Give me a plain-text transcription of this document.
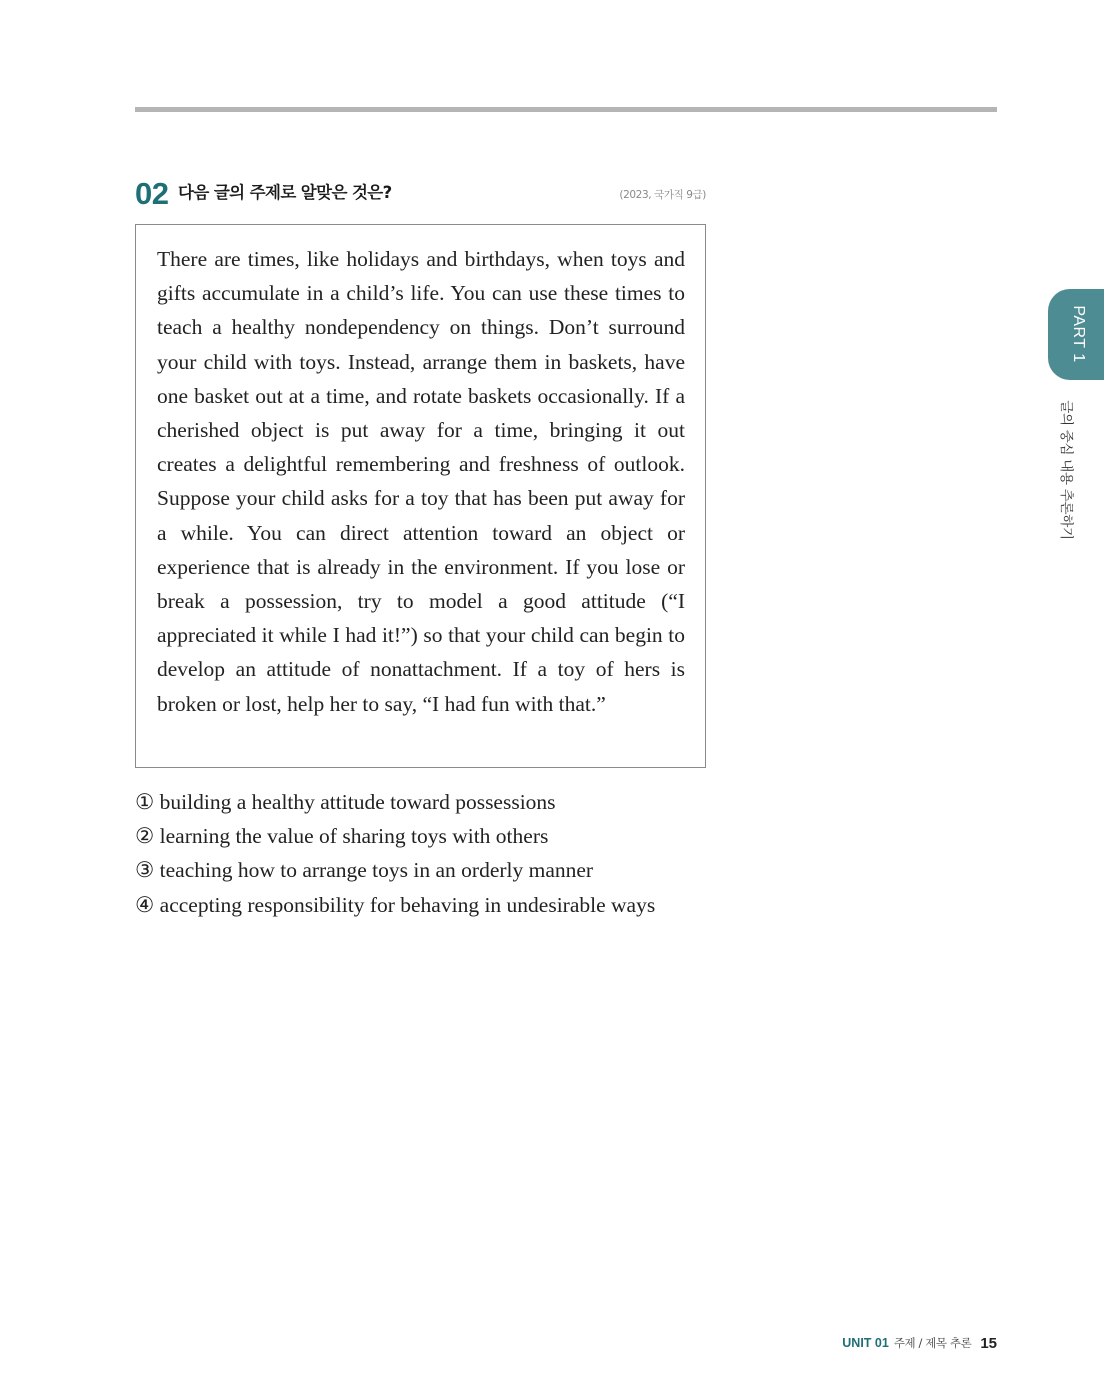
02 다음 글의 주제로 알맞은 것은?	(2023, 국가직 9급)

There are times, like holidays and birthdays, when toys and gifts accumulate in a child’s life. You can use these times to teach a healthy nondependency on things. Don’t surround your child with toys. Instead, arrange them in baskets, have one basket out at a time, and rotate baskets occasionally. If a cherished object is put away for a time, bringing it out creates a delightful remembering and freshness of outlook. Suppose your child asks for a toy that has been put away for a while. You can direct attention toward an object or experience that is already in the environment. If you lose or break a possession, try to model a good attitude (“I appreciated it while I had it!”) so that your child can begin to develop an attitude of nonattachment. If a toy of hers is broken or lost, help her to say, “I had fun with that.”

① building a healthy attitude toward possessions
② learning the value of sharing toys with others
③ teaching how to arrange toys in an orderly manner
④ accepting responsibility for behaving in undesirable ways
PART 1
글의 중심 내용 추론하기
UNIT 01 주제 / 제목 추론 15
